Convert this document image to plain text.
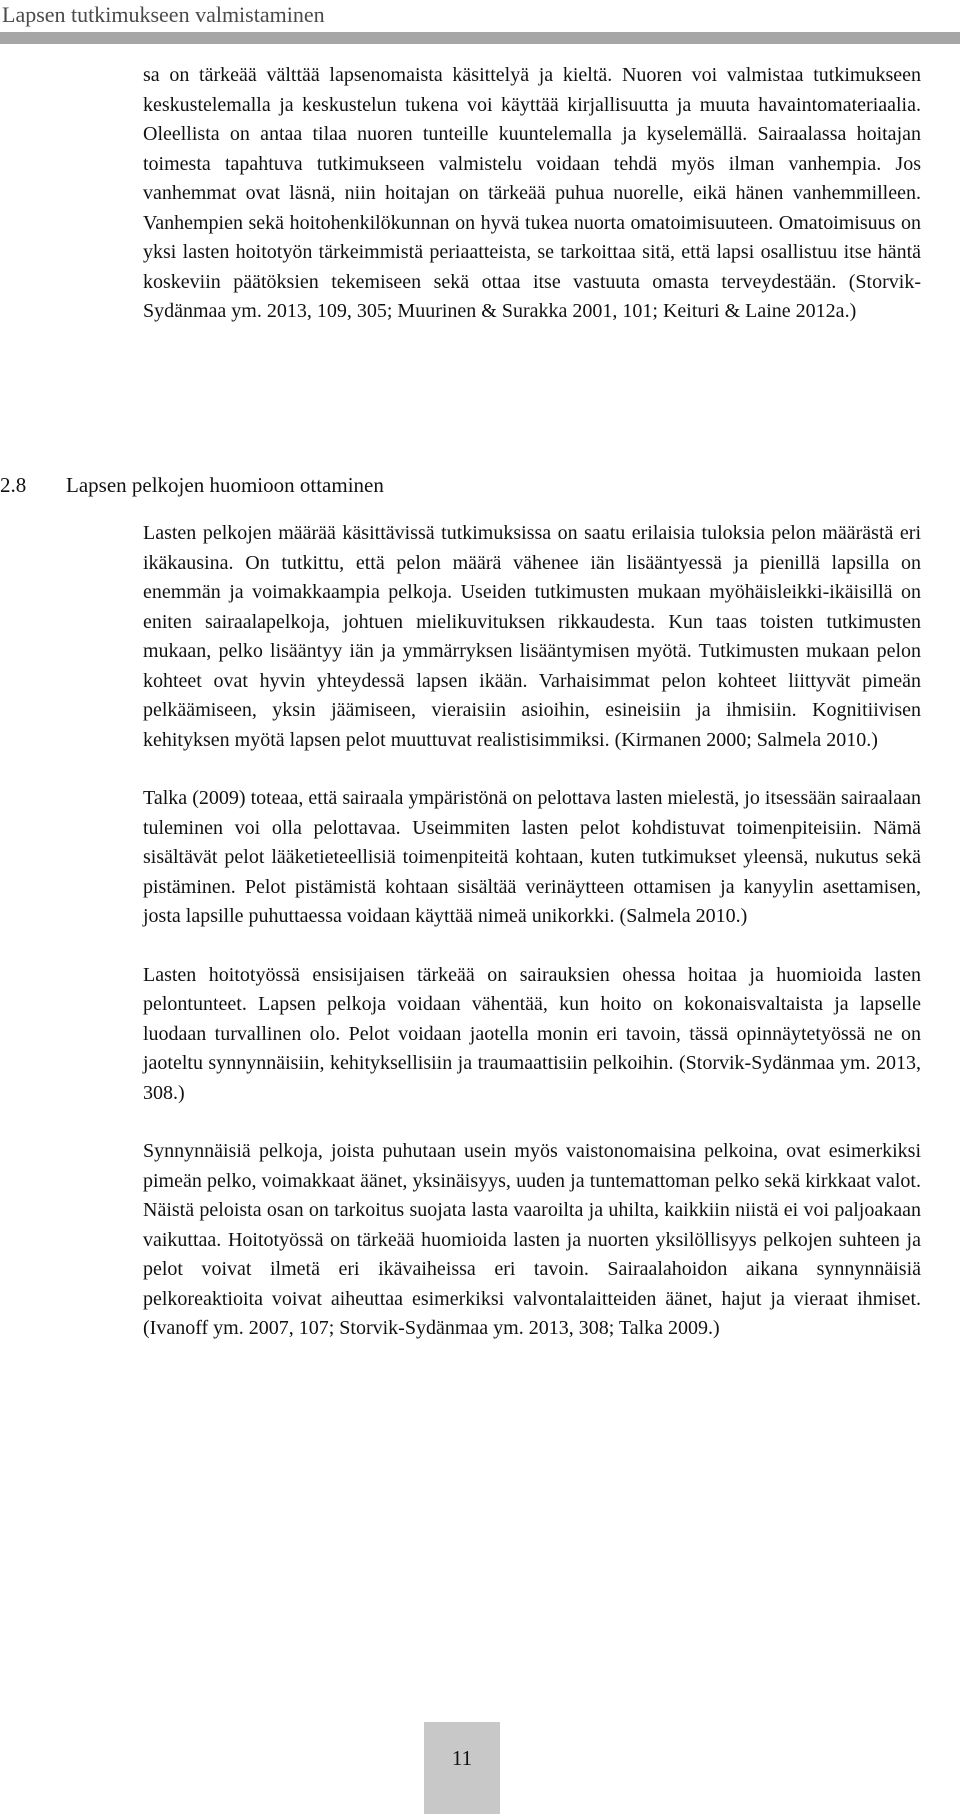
Lapsen tutkimukseen valmistaminen

sa on tärkeää välttää lapsenomaista käsittelyä ja kieltä. Nuoren voi valmistaa tutkimukseen keskustelemalla ja keskustelun tukena voi käyttää kirjallisuutta ja muuta havaintomateriaalia. Oleellista on antaa tilaa nuoren tunteille kuuntelemalla ja kyselemällä. Sairaalassa hoitajan toimesta tapahtuva tutkimukseen valmistelu voidaan tehdä myös ilman vanhempia. Jos vanhemmat ovat läsnä, niin hoitajan on tärkeää puhua nuorelle, eikä hänen vanhemmilleen. Vanhempien sekä hoitohenkilökunnan on hyvä tukea nuorta omatoimisuuteen. Omatoimisuus on yksi lasten hoitotyön tärkeimmistä periaatteista, se tarkoittaa sitä, että lapsi osallistuu itse häntä koskeviin päätöksien tekemiseen sekä ottaa itse vastuuta omasta terveydestään. (Storvik-Sydänmaa ym. 2013, 109, 305; Muurinen & Surakka 2001, 101; Keituri & Laine 2012a.)

2.8 Lapsen pelkojen huomioon ottaminen

Lasten pelkojen määrää käsittävissä tutkimuksissa on saatu erilaisia tuloksia pelon määrästä eri ikäkausina. On tutkittu, että pelon määrä vähenee iän lisääntyessä ja pienillä lapsilla on enemmän ja voimakkaampia pelkoja. Useiden tutkimusten mukaan myöhäisleikki-ikäisillä on eniten sairaalapelkoja, johtuen mielikuvituksen rikkaudesta. Kun taas toisten tutkimusten mukaan, pelko lisääntyy iän ja ymmärryksen lisääntymisen myötä. Tutkimusten mukaan pelon kohteet ovat hyvin yhteydessä lapsen ikään. Varhaisimmat pelon kohteet liittyvät pimeän pelkäämiseen, yksin jäämiseen, vieraisiin asioihin, esineisiin ja ihmisiin. Kognitiivisen kehityksen myötä lapsen pelot muuttuvat realistisimmiksi. (Kirmanen 2000; Salmela 2010.)

Talka (2009) toteaa, että sairaala ympäristönä on pelottava lasten mielestä, jo itsessään sairaalaan tuleminen voi olla pelottavaa. Useimmiten lasten pelot kohdistuvat toimenpiteisiin. Nämä sisältävät pelot lääketieteellisiä toimenpiteitä kohtaan, kuten tutkimukset yleensä, nukutus sekä pistäminen. Pelot pistämistä kohtaan sisältää verinäytteen ottamisen ja kanyylin asettamisen, josta lapsille puhuttaessa voidaan käyttää nimeä unikorkki. (Salmela 2010.)

Lasten hoitotyössä ensisijaisen tärkeää on sairauksien ohessa hoitaa ja huomioida lasten pelontunteet. Lapsen pelkoja voidaan vähentää, kun hoito on kokonaisvaltaista ja lapselle luodaan turvallinen olo. Pelot voidaan jaotella monin eri tavoin, tässä opinnäytetyössä ne on jaoteltu synnynnäisiin, kehityksellisiin ja traumaattisiin pelkoihin. (Storvik-Sydänmaa ym. 2013, 308.)

Synnynnäisiä pelkoja, joista puhutaan usein myös vaistonomaisina pelkoina, ovat esimerkiksi pimeän pelko, voimakkaat äänet, yksinäisyys, uuden ja tuntemattoman pelko sekä kirkkaat valot. Näistä peloista osan on tarkoitus suojata lasta vaaroilta ja uhilta, kaikkiin niistä ei voi paljoakaan vaikuttaa. Hoitotyössä on tärkeää huomioida lasten ja nuorten yksilöllisyys pelkojen suhteen ja pelot voivat ilmetä eri ikävaiheissa eri tavoin. Sairaalahoidon aikana synnynnäisiä pelkoreaktioita voivat aiheuttaa esimerkiksi valvontalaitteiden äänet, hajut ja vieraat ihmiset. (Ivanoff ym. 2007, 107; Storvik-Sydänmaa ym. 2013, 308; Talka 2009.)

11
